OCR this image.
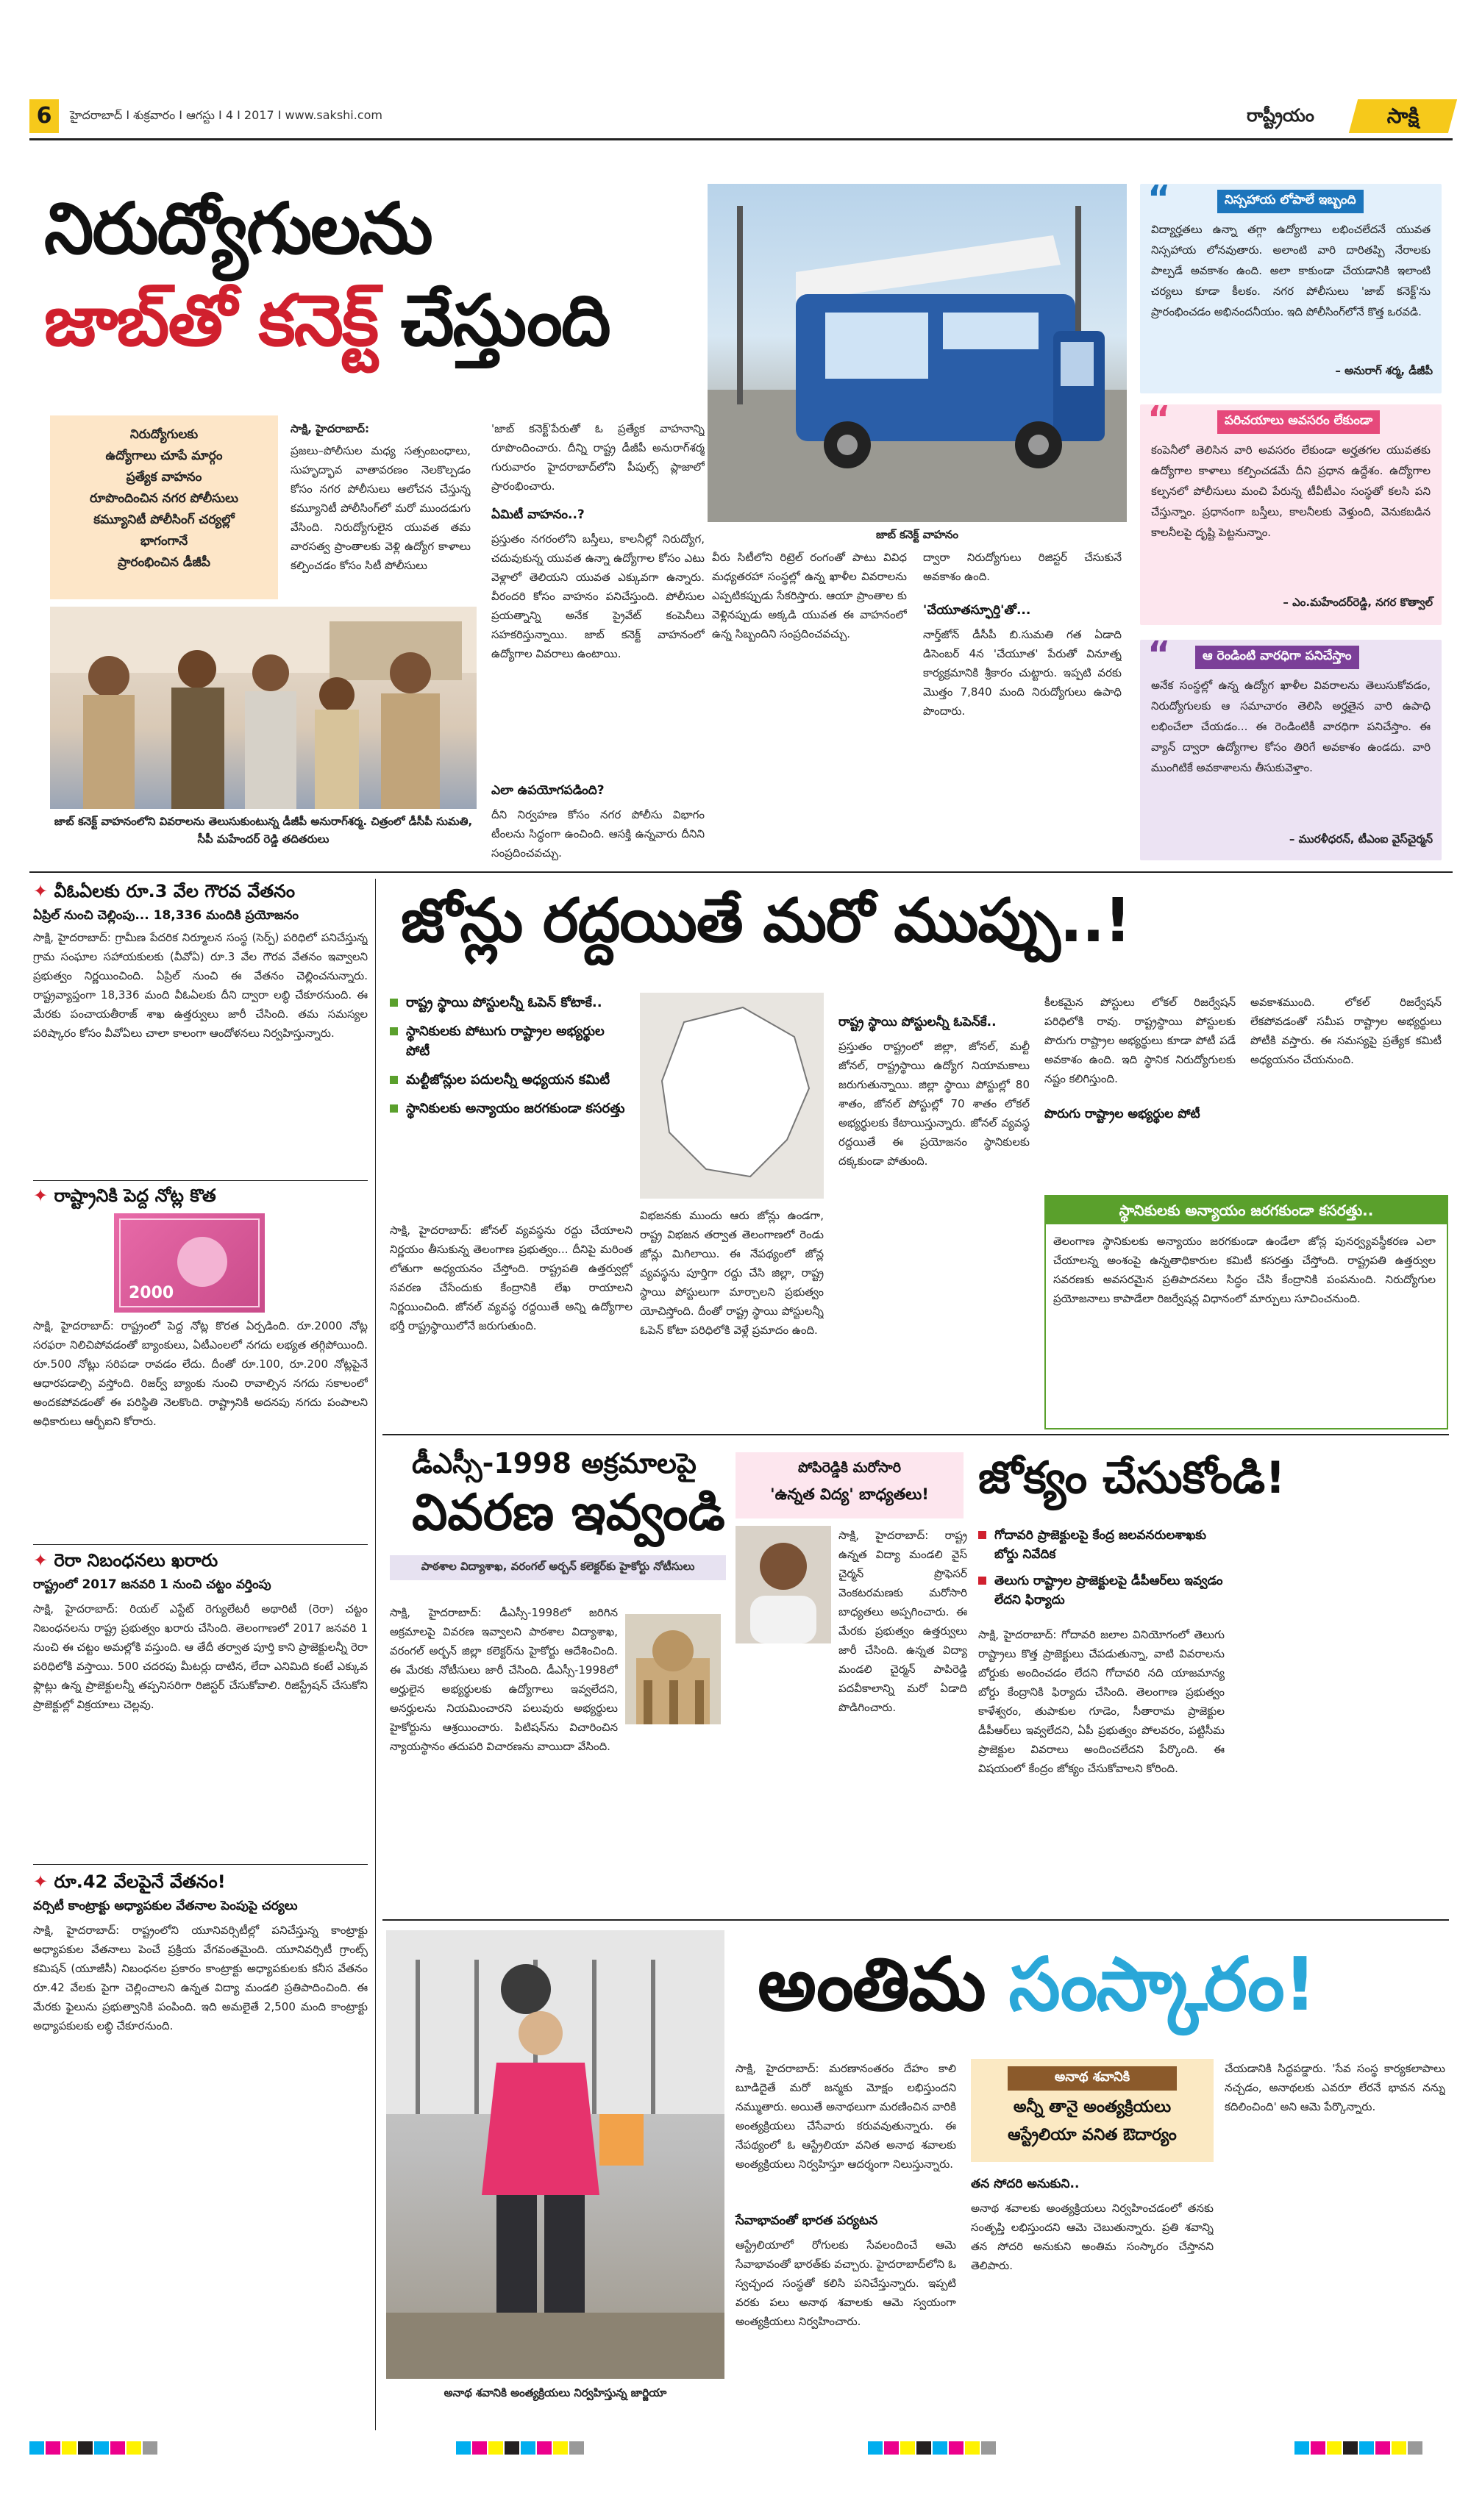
6	హైదరాబాద్ I శుక్రవారం I ఆగస్టు I 4 I 2017 I www.sakshi.com	రాష్ట్రీయం	సాక్షి
నిరుద్యోగులను
జాబ్‌తో కనెక్ట్ చేస్తుంది
నిరుద్యోగులకు
ఉద్యోగాలు చూపే మార్గం
ప్రత్యేక వాహనం
రూపొందించిన నగర పోలీసులు
కమ్యూనిటీ పోలీసింగ్ చర్యల్లో
భాగంగానే
ప్రారంభించిన డీజీపీ
సాక్షి, హైదరాబాద్:
ప్రజలు–పోలీసుల మధ్య సత్సంబంధాలు, సుహృద్భావ వాతావరణం నెలకొల్పడం కోసం నగర పోలీసులు ఆలోచన చేస్తున్న కమ్యూనిటీ పోలీసింగ్‌లో మరో ముందడుగు వేసింది. నిరుద్యోగులైన యువత తమ వారసత్వ ప్రాంతాలకు వెళ్లి ఉద్యోగ కాళాలు కల్పించడం కోసం సిటీ పోలీసులు
'జాబ్ కనెక్ట్'పేరుతో ఓ ప్రత్యేక వాహనాన్ని రూపొందించారు. దీన్ని రాష్ట్ర డీజీపీ అనురాగ్‌శర్మ గురువారం హైదరాబాద్‌లోని పీపుల్స్ ప్లాజాలో ప్రారంభించారు.
ఏమిటీ వాహనం..?
ప్రస్తుతం నగరంలోని బస్తీలు, కాలనీల్లో నిరుద్యోగ, చదువుకున్న యువత ఉన్నా ఉద్యోగాల కోసం ఎటు వెళ్లాలో తెలియని యువత ఎక్కువగా ఉన్నారు. వీరందరి కోసం వాహనం పనిచేస్తుంది. పోలీసుల ప్రయత్నాన్ని అనేక ప్రైవేట్ కంపెనీలు సహకరిస్తున్నాయి. జాబ్ కనెక్ట్ వాహనంలో ఉద్యోగాల వివరాలు ఉంటాయి.
ఎలా ఉపయోగపడింది?
దీని నిర్వహణ కోసం నగర పోలీసు విభాగం టీంలను సిద్ధంగా ఉంచింది. ఆసక్తి ఉన్నవారు దీనిని సంప్రదించవచ్చు.
జాబ్ కనెక్ట్ వాహనంలోని వివరాలను తెలుసుకుంటున్న డీజీపీ అనురాగ్‌శర్మ. చిత్రంలో డీసీపీ సుమతి, సీపీ మహేందర్ రెడ్డి తదితరులు
జాబ్ కనెక్ట్ వాహనం
వీరు సిటీలోని రిట్రెల్ రంగంతో పాటు వివిధ మధ్యతరహా సంస్థల్లో ఉన్న ఖాళీల వివరాలను ఎప్పటికప్పుడు సేకరిస్తారు. ఆయా ప్రాంతాల కు వెళ్లినప్పుడు అక్కడి యువత ఈ వాహనంలో ఉన్న సిబ్బందిని సంప్రదించవచ్చు.
ద్వారా నిరుద్యోగులు రిజిస్టర్ చేసుకునే అవకాశం ఉంది.
'చేయూతస్ఫూర్తి'తో...
నార్త్‌జోన్ డీసీపీ బి.సుమతి గత ఏడాది డిసెంబర్ 4న 'చేయూత' పేరుతో వినూత్న కార్యక్రమానికి శ్రీకారం చుట్టారు. ఇప్పటి వరకు మొత్తం 7,840 మంది నిరుద్యోగులు ఉపాధి పొందారు.
“	నిస్సహాయ లోపాలే ఇబ్బంది
విద్యార్హతలు ఉన్నా తగ్గా ఉద్యోగాలు లభించలేదనే యువత నిస్సహాయ లోనవుతారు. అలాంటి వారి దారితప్పి నేరాలకు పాల్పడే అవకాశం ఉంది. అలా కాకుండా చేయడానికి ఇలాంటి చర్యలు కూడా కీలకం. నగర పోలీసులు 'జాబ్ కనెక్ట్'ను ప్రారంభించడం అభినందనీయం. ఇది పోలీసింగ్‌లోనే కొత్త ఒరవడి.
– అనురాగ్ శర్మ, డీజీపీ
“	పరిచయాలు అవసరం లేకుండా
కంపెనీలో తెలిసిన వారి అవసరం లేకుండా అర్హతగల యువతకు ఉద్యోగాల కాళాలు కల్పించడమే దీని ప్రధాన ఉద్దేశం. ఉద్యోగాల కల్పనలో పోలీసులు మంచి పేరున్న టీవీటీఎం సంస్థతో కలసి పని చేస్తున్నాం. ప్రధానంగా బస్తీలు, కాలనీలకు వెళ్తుంది, వెనుకబడిన కాలనీలపై దృష్టి పెట్టనున్నాం.
– ఎం.మహేందర్‌రెడ్డి, నగర కొత్వాల్
“	ఆ రెండింటి వారధిగా పనిచేస్తాం
అనేక సంస్థల్లో ఉన్న ఉద్యోగ ఖాళీల వివరాలను తెలుసుకోవడం, నిరుద్యోగులకు ఆ సమాచారం తెలిసి అర్హతైన వారి ఉపాధి లభించేలా చేయడం... ఈ రెండింటికీ వారధిగా పనిచేస్తాం. ఈ వ్యాన్ ద్వారా ఉద్యోగాల కోసం తిరిగే అవకాశం ఉండదు. వారి ముంగిటికే అవకాశాలను తీసుకువెళ్తాం.
– మురళీధరన్, టీఎంఐ వైస్‌చైర్మన్
✦ వీఓఏలకు రూ.3 వేల గౌరవ వేతనం
ఏప్రిల్ నుంచి చెల్లింపు... 18,336 మందికి ప్రయోజనం
సాక్షి, హైదరాబాద్: గ్రామీణ పేదరిక నిర్మూలన సంస్థ (సెర్ప్) పరిధిలో పనిచేస్తున్న గ్రామ సంఘాల సహాయకులకు (వీవోఏ) రూ.3 వేల గౌరవ వేతనం ఇవ్వాలని ప్రభుత్వం నిర్ణయించింది. ఏప్రిల్ నుంచి ఈ వేతనం చెల్లించనున్నారు. రాష్ట్రవ్యాప్తంగా 18,336 మంది వీఓఏలకు దీని ద్వారా లబ్ధి చేకూరనుంది. ఈ మేరకు పంచాయతీరాజ్ శాఖ ఉత్తర్వులు జారీ చేసింది. తమ సమస్యల పరిష్కారం కోసం వీవోఏలు చాలా కాలంగా ఆందోళనలు నిర్వహిస్తున్నారు.
✦ రాష్ట్రానికి పెద్ద నోట్ల కొత
2000
సాక్షి, హైదరాబాద్: రాష్ట్రంలో పెద్ద నోట్ల కొరత ఏర్పడింది. రూ.2000 నోట్ల సరఫరా నిలిచిపోవడంతో బ్యాంకులు, ఏటీఎంలలో నగదు లభ్యత తగ్గిపోయింది. రూ.500 నోట్లు సరిపడా రావడం లేదు. దీంతో రూ.100, రూ.200 నోట్లపైనే ఆధారపడాల్సి వస్తోంది. రిజర్వ్ బ్యాంకు నుంచి రావాల్సిన నగదు సకాలంలో అందకపోవడంతో ఈ పరిస్థితి నెలకొంది. రాష్ట్రానికి అదనపు నగదు పంపాలని అధికారులు ఆర్బీఐని కోరారు.
✦ రెరా నిబంధనలు ఖరారు
రాష్ట్రంలో 2017 జనవరి 1 నుంచి చట్టం వర్తింపు
సాక్షి, హైదరాబాద్: రియల్ ఎస్టేట్ రెగ్యులేటరీ అథారిటీ (రెరా) చట్టం నిబంధనలను రాష్ట్ర ప్రభుత్వం ఖరారు చేసింది. తెలంగాణలో 2017 జనవరి 1 నుంచి ఈ చట్టం అమల్లోకి వస్తుంది. ఆ తేదీ తర్వాత పూర్తి కాని ప్రాజెక్టులన్నీ రెరా పరిధిలోకి వస్తాయి. 500 చదరపు మీటర్లు దాటిన, లేదా ఎనిమిది కంటే ఎక్కువ ఫ్లాట్లు ఉన్న ప్రాజెక్టులన్నీ తప్పనిసరిగా రిజిస్టర్ చేసుకోవాలి. రిజిస్ట్రేషన్ చేసుకోని ప్రాజెక్టుల్లో విక్రయాలు చెల్లవు.
✦ రూ.42 వేలపైనే వేతనం!
వర్సిటీ కాంట్రాక్టు అధ్యాపకుల వేతనాల పెంపుపై చర్యలు
సాక్షి, హైదరాబాద్: రాష్ట్రంలోని యూనివర్సిటీల్లో పనిచేస్తున్న కాంట్రాక్టు అధ్యాపకుల వేతనాలు పెంచే ప్రక్రియ వేగవంతమైంది. యూనివర్సిటీ గ్రాంట్స్ కమిషన్ (యూజీసీ) నిబంధనల ప్రకారం కాంట్రాక్టు అధ్యాపకులకు కనీస వేతనం రూ.42 వేలకు పైగా చెల్లించాలని ఉన్నత విద్యా మండలి ప్రతిపాదించింది. ఈ మేరకు ఫైలును ప్రభుత్వానికి పంపింది. ఇది అమలైతే 2,500 మంది కాంట్రాక్టు అధ్యాపకులకు లబ్ధి చేకూరనుంది.
జోన్లు రద్దయితే మరో ముప్పు..!
రాష్ట్ర స్థాయి పోస్టులన్నీ ఓపెన్ కోటాకే..
స్థానికులకు పోటుగు రాష్ట్రాల అభ్యర్థుల పోటీ
మల్టీజోన్లుల పదులన్నీ అధ్యయన కమిటీ
స్థానికులకు అన్యాయం జరగకుండా కసరత్తు
సాక్షి, హైదరాబాద్: జోనల్ వ్యవస్థను రద్దు చేయాలని నిర్ణయం తీసుకున్న తెలంగాణ ప్రభుత్వం... దీనిపై మరింత లోతుగా అధ్యయనం చేస్తోంది. రాష్ట్రపతి ఉత్తర్వుల్లో సవరణ చేసేందుకు కేంద్రానికి లేఖ రాయాలని నిర్ణయించింది. జోనల్ వ్యవస్థ రద్దయితే అన్ని ఉద్యోగాల భర్తీ రాష్ట్రస్థాయిలోనే జరుగుతుంది.
విభజనకు ముందు ఆరు జోన్లు ఉండగా, రాష్ట్ర విభజన తర్వాత తెలంగాణలో రెండు జోన్లు మిగిలాయి. ఈ నేపథ్యంలో జోన్ల వ్యవస్థను పూర్తిగా రద్దు చేసి జిల్లా, రాష్ట్ర స్థాయి పోస్టులుగా మార్చాలని ప్రభుత్వం యోచిస్తోంది. దీంతో రాష్ట్ర స్థాయి పోస్టులన్నీ ఓపెన్ కోటా పరిధిలోకి వెళ్లే ప్రమాదం ఉంది.
రాష్ట్ర స్థాయి పోస్టులన్నీ ఓపెన్‌కే..
ప్రస్తుతం రాష్ట్రంలో జిల్లా, జోనల్, మల్టీ జోనల్, రాష్ట్రస్థాయి ఉద్యోగ నియామకాలు జరుగుతున్నాయి. జిల్లా స్థాయి పోస్టుల్లో 80 శాతం, జోనల్ పోస్టుల్లో 70 శాతం లోకల్ అభ్యర్థులకు కేటాయిస్తున్నారు. జోనల్ వ్యవస్థ రద్దయితే ఈ ప్రయోజనం స్థానికులకు దక్కకుండా పోతుంది.
కీలకమైన పోస్టులు లోకల్ రిజర్వేషన్ పరిధిలోకి రావు. రాష్ట్రస్థాయి పోస్టులకు పొరుగు రాష్ట్రాల అభ్యర్థులు కూడా పోటీ పడే అవకాశం ఉంది. ఇది స్థానిక నిరుద్యోగులకు నష్టం కలిగిస్తుంది.
పొరుగు రాష్ట్రాల అభ్యర్థుల పోటీ
అవకాశముంది. లోకల్ రిజర్వేషన్ లేకపోవడంతో సమీప రాష్ట్రాల అభ్యర్థులు పోటీకి వస్తారు. ఈ సమస్యపై ప్రత్యేక కమిటీ అధ్యయనం చేయనుంది.
స్థానికులకు అన్యాయం జరగకుండా కసరత్తు..
తెలంగాణ స్థానికులకు అన్యాయం జరగకుండా ఉండేలా జోన్ల పునర్వ్యవస్థీకరణ ఎలా చేయాలన్న అంశంపై ఉన్నతాధికారుల కమిటీ కసరత్తు చేస్తోంది. రాష్ట్రపతి ఉత్తర్వుల సవరణకు అవసరమైన ప్రతిపాదనలు సిద్ధం చేసి కేంద్రానికి పంపనుంది. నిరుద్యోగుల ప్రయోజనాలు కాపాడేలా రిజర్వేషన్ల విధానంలో మార్పులు సూచించనుంది.
డీఎస్సీ-1998 అక్రమాలపై
వివరణ ఇవ్వండి
పాఠశాల విద్యాశాఖ, వరంగల్ అర్బన్ కలెక్టర్‌కు హైకోర్టు నోటీసులు
సాక్షి, హైదరాబాద్: డీఎస్సీ-1998లో జరిగిన అక్రమాలపై వివరణ ఇవ్వాలని పాఠశాల విద్యాశాఖ, వరంగల్ అర్బన్ జిల్లా కలెక్టర్‌ను హైకోర్టు ఆదేశించింది. ఈ మేరకు నోటీసులు జారీ చేసింది. డీఎస్సీ-1998లో అర్హులైన అభ్యర్థులకు ఉద్యోగాలు ఇవ్వలేదని, అనర్హులను నియమించారని పలువురు అభ్యర్థులు హైకోర్టును ఆశ్రయించారు. పిటిషన్‌ను విచారించిన న్యాయస్థానం తదుపరి విచారణను వాయిదా వేసింది.
పోపిరెడ్డికి మరోసారి
'ఉన్నత విద్య' బాధ్యతలు!
సాక్షి, హైదరాబాద్: రాష్ట్ర ఉన్నత విద్యా మండలి వైస్ చైర్మన్ ప్రొఫెసర్ వెంకటరమణకు మరోసారి బాధ్యతలు అప్పగించారు. ఈ మేరకు ప్రభుత్వం ఉత్తర్వులు జారీ చేసింది. ఉన్నత విద్యా మండలి చైర్మన్ పాపిరెడ్డి పదవీకాలాన్ని మరో ఏడాది పొడిగించారు.
జోక్యం చేసుకోండి!
గోదావరి ప్రాజెక్టులపై కేంద్ర జలవనరులశాఖకు బోర్డు నివేదిక
తెలుగు రాష్ట్రాల ప్రాజెక్టులపై డీపీఆర్‌లు ఇవ్వడం లేదని ఫిర్యాదు
సాక్షి, హైదరాబాద్: గోదావరి జలాల వినియోగంలో తెలుగు రాష్ట్రాలు కొత్త ప్రాజెక్టులు చేపడుతున్నా, వాటి వివరాలను బోర్డుకు అందించడం లేదని గోదావరి నది యాజమాన్య బోర్డు కేంద్రానికి ఫిర్యాదు చేసింది. తెలంగాణ ప్రభుత్వం కాళేశ్వరం, తుపాకుల గూడెం, సీతారామ ప్రాజెక్టుల డీపీఆర్‌లు ఇవ్వలేదని, ఏపీ ప్రభుత్వం పోలవరం, పట్టిసీమ ప్రాజెక్టుల వివరాలు అందించలేదని పేర్కొంది. ఈ విషయంలో కేంద్రం జోక్యం చేసుకోవాలని కోరింది.
అనాథ శవానికి అంత్యక్రియలు నిర్వహిస్తున్న జార్జియా
అంతిమ సంస్కారం!
సాక్షి, హైదరాబాద్: మరణానంతరం దేహం కాలి బూడిదైతే మరో జన్మకు మోక్షం లభిస్తుందని నమ్ముతారు. అయితే అనాథలుగా మరణించిన వారికి అంత్యక్రియలు చేసేవారు కరువవుతున్నారు. ఈ నేపథ్యంలో ఓ ఆస్ట్రేలియా వనిత అనాథ శవాలకు అంత్యక్రియలు నిర్వహిస్తూ ఆదర్శంగా నిలుస్తున్నారు.
సేవాభావంతో భారత పర్యటన
ఆస్ట్రేలియాలో రోగులకు సేవలందించే ఆమె సేవాభావంతో భారత్‌కు వచ్చారు. హైదరాబాద్‌లోని ఓ స్వచ్ఛంద సంస్థతో కలిసి పనిచేస్తున్నారు. ఇప్పటి వరకు పలు అనాథ శవాలకు ఆమె స్వయంగా అంత్యక్రియలు నిర్వహించారు.
అనాథ శవానికి
అన్నీ తానై అంత్యక్రియలు
ఆస్ట్రేలియా వనిత ఔదార్యం
తన సోదరి అనుకుని..
అనాథ శవాలకు అంత్యక్రియలు నిర్వహించడంలో తనకు సంతృప్తి లభిస్తుందని ఆమె చెబుతున్నారు. ప్రతి శవాన్ని తన సోదరి అనుకుని అంతిమ సంస్కారం చేస్తానని తెలిపారు.
చేయడానికి సిద్ధపడ్డారు. 'సేవ సంస్థ కార్యకలాపాలు నచ్చడం, అనాథలకు ఎవరూ లేరనే భావన నన్ను కదిలించింది' అని ఆమె పేర్కొన్నారు.
